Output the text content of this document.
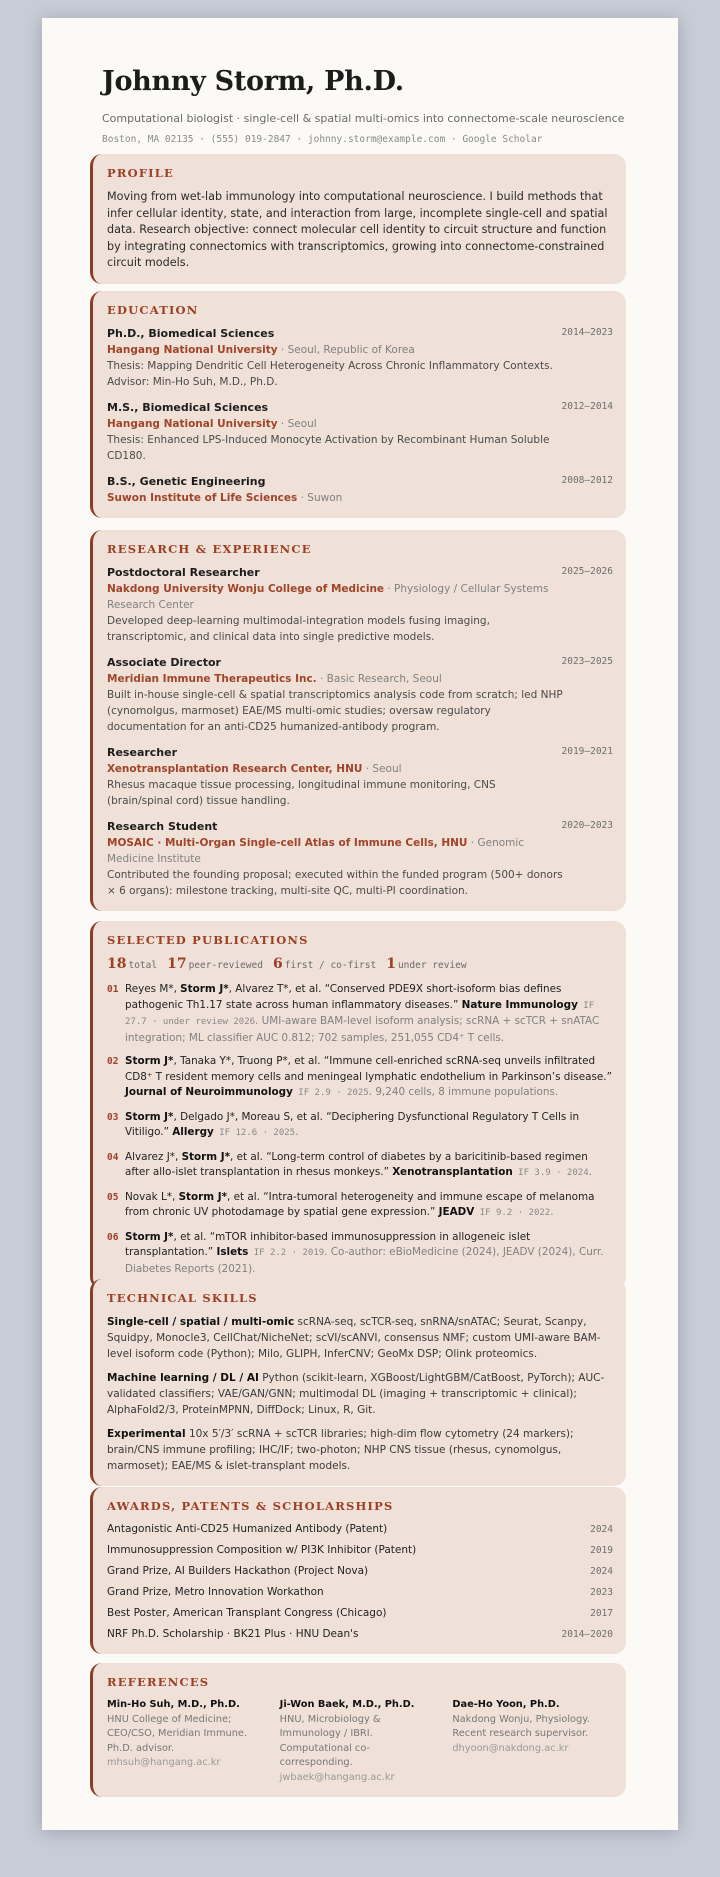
Johnny Storm, Ph.D.
Computational biologist · single-cell & spatial multi-omics into connectome-scale neuroscience
Boston, MA 02135 · (555) 019-2847 · johnny.storm@example.com · Google Scholar
PROFILE
Moving from wet-lab immunology into computational neuroscience. I build methods that infer cellular identity, state, and interaction from large, incomplete single-cell and spatial data. Research objective: connect molecular cell identity to circuit structure and function by integrating connectomics with transcriptomics, growing into connectome-constrained circuit models.
EDUCATION
Ph.D., Biomedical Sciences	2014–2023
Hangang National University · Seoul, Republic of Korea
Thesis: Mapping Dendritic Cell Heterogeneity Across Chronic Inflammatory Contexts. Advisor: Min-Ho Suh, M.D., Ph.D.
M.S., Biomedical Sciences	2012–2014
Hangang National University · Seoul
Thesis: Enhanced LPS-Induced Monocyte Activation by Recombinant Human Soluble CD180.
B.S., Genetic Engineering	2008–2012
Suwon Institute of Life Sciences · Suwon
RESEARCH & EXPERIENCE
Postdoctoral Researcher	2025–2026
Nakdong University Wonju College of Medicine · Physiology / Cellular Systems Research Center
Developed deep-learning multimodal-integration models fusing imaging, transcriptomic, and clinical data into single predictive models.
Associate Director	2023–2025
Meridian Immune Therapeutics Inc. · Basic Research, Seoul
Built in-house single-cell & spatial transcriptomics analysis code from scratch; led NHP (cynomolgus, marmoset) EAE/MS multi-omic studies; oversaw regulatory documentation for an anti-CD25 humanized-antibody program.
Researcher	2019–2021
Xenotransplantation Research Center, HNU · Seoul
Rhesus macaque tissue processing, longitudinal immune monitoring, CNS (brain/spinal cord) tissue handling.
Research Student	2020–2023
MOSAIC · Multi-Organ Single-cell Atlas of Immune Cells, HNU · Genomic Medicine Institute
Contributed the founding proposal; executed within the funded program (500+ donors × 6 organs): milestone tracking, multi-site QC, multi-PI coordination.
SELECTED PUBLICATIONS
18 total 17 peer-reviewed 6 first / co-first 1 under review
01 Reyes M*, Storm J*, Alvarez T*, et al. “Conserved PDE9X short-isoform bias defines pathogenic Th1.17 state across human inflammatory diseases.” Nature Immunology IF 27.7 · under review 2026. UMI-aware BAM-level isoform analysis; scRNA + scTCR + snATAC integration; ML classifier AUC 0.812; 702 samples, 251,055 CD4⁺ T cells.
02 Storm J*, Tanaka Y*, Truong P*, et al. “Immune cell-enriched scRNA-seq unveils infiltrated CD8⁺ T resident memory cells and meningeal lymphatic endothelium in Parkinson’s disease.” Journal of Neuroimmunology IF 2.9 · 2025. 9,240 cells, 8 immune populations.
03 Storm J*, Delgado J*, Moreau S, et al. “Deciphering Dysfunctional Regulatory T Cells in Vitiligo.” Allergy IF 12.6 · 2025.
04 Alvarez J*, Storm J*, et al. “Long-term control of diabetes by a baricitinib-based regimen after allo-islet transplantation in rhesus monkeys.” Xenotransplantation IF 3.9 · 2024.
05 Novak L*, Storm J*, et al. “Intra-tumoral heterogeneity and immune escape of melanoma from chronic UV photodamage by spatial gene expression.” JEADV IF 9.2 · 2022.
06 Storm J*, et al. “mTOR inhibitor-based immunosuppression in allogeneic islet transplantation.” Islets IF 2.2 · 2019. Co-author: eBioMedicine (2024), JEADV (2024), Curr. Diabetes Reports (2021).
TECHNICAL SKILLS
Single-cell / spatial / multi-omic scRNA-seq, scTCR-seq, snRNA/snATAC; Seurat, Scanpy, Squidpy, Monocle3, CellChat/NicheNet; scVI/scANVI, consensus NMF; custom UMI-aware BAM-level isoform code (Python); Milo, GLIPH, InferCNV; GeoMx DSP; Olink proteomics.
Machine learning / DL / AI Python (scikit-learn, XGBoost/LightGBM/CatBoost, PyTorch); AUC-validated classifiers; VAE/GAN/GNN; multimodal DL (imaging + transcriptomic + clinical); AlphaFold2/3, ProteinMPNN, DiffDock; Linux, R, Git.
Experimental 10x 5′/3′ scRNA + scTCR libraries; high-dim flow cytometry (24 markers); brain/CNS immune profiling; IHC/IF; two-photon; NHP CNS tissue (rhesus, cynomolgus, marmoset); EAE/MS & islet-transplant models.
AWARDS, PATENTS & SCHOLARSHIPS
Antagonistic Anti-CD25 Humanized Antibody (Patent)	2024
Immunosuppression Composition w/ PI3K Inhibitor (Patent)	2019
Grand Prize, AI Builders Hackathon (Project Nova)	2024
Grand Prize, Metro Innovation Workathon	2023
Best Poster, American Transplant Congress (Chicago)	2017
NRF Ph.D. Scholarship · BK21 Plus · HNU Dean's	2014–2020
REFERENCES
Min-Ho Suh, M.D., Ph.D.
HNU College of Medicine; CEO/CSO, Meridian Immune. Ph.D. advisor.
mhsuh@hangang.ac.kr
Ji-Won Baek, M.D., Ph.D.
HNU, Microbiology & Immunology / IBRI. Computational co-corresponding.
jwbaek@hangang.ac.kr
Dae-Ho Yoon, Ph.D.
Nakdong Wonju, Physiology. Recent research supervisor.
dhyoon@nakdong.ac.kr
